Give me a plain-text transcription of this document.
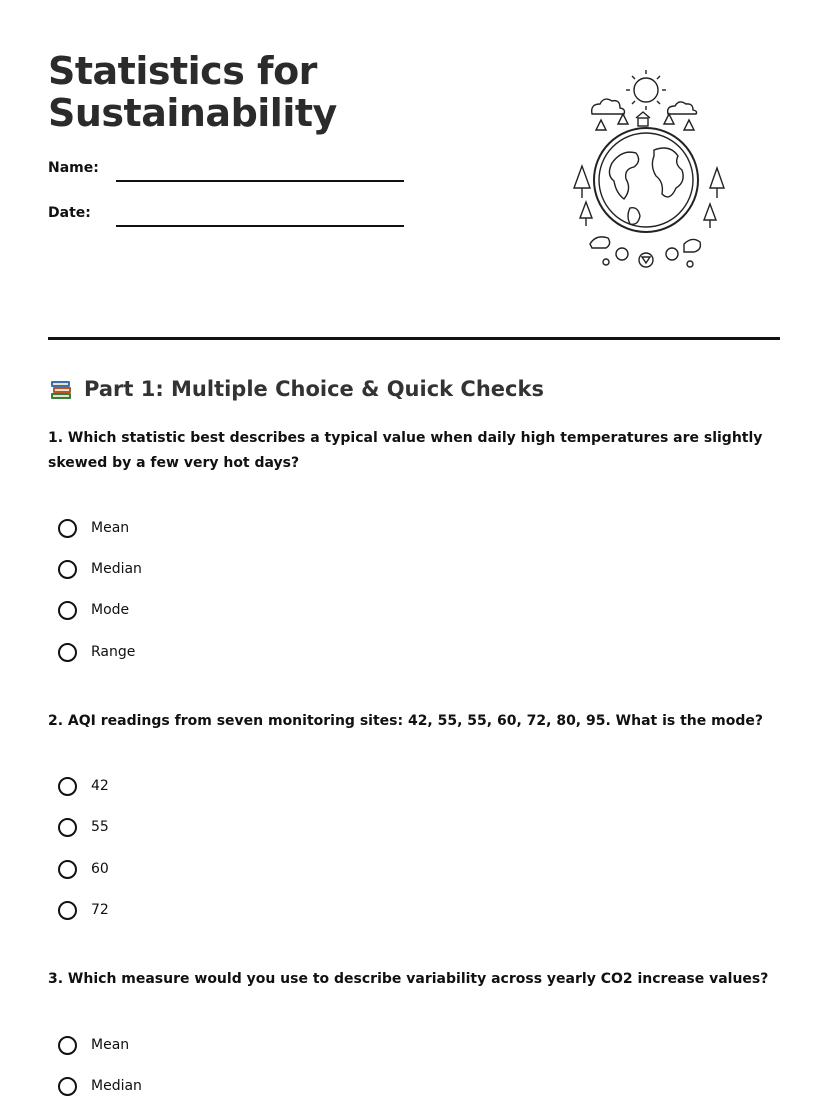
Statistics for
Sustainability
Name:
Date:
Part 1: Multiple Choice & Quick Checks

1. Which statistic best describes a typical value when daily high temperatures are slightly skewed by a few very hot days?

Mean
Median
Mode
Range

2. AQI readings from seven monitoring sites: 42, 55, 55, 60, 72, 80, 95. What is the mode?

42
55
60
72

3. Which measure would you use to describe variability across yearly CO2 increase values?

Mean
Median
